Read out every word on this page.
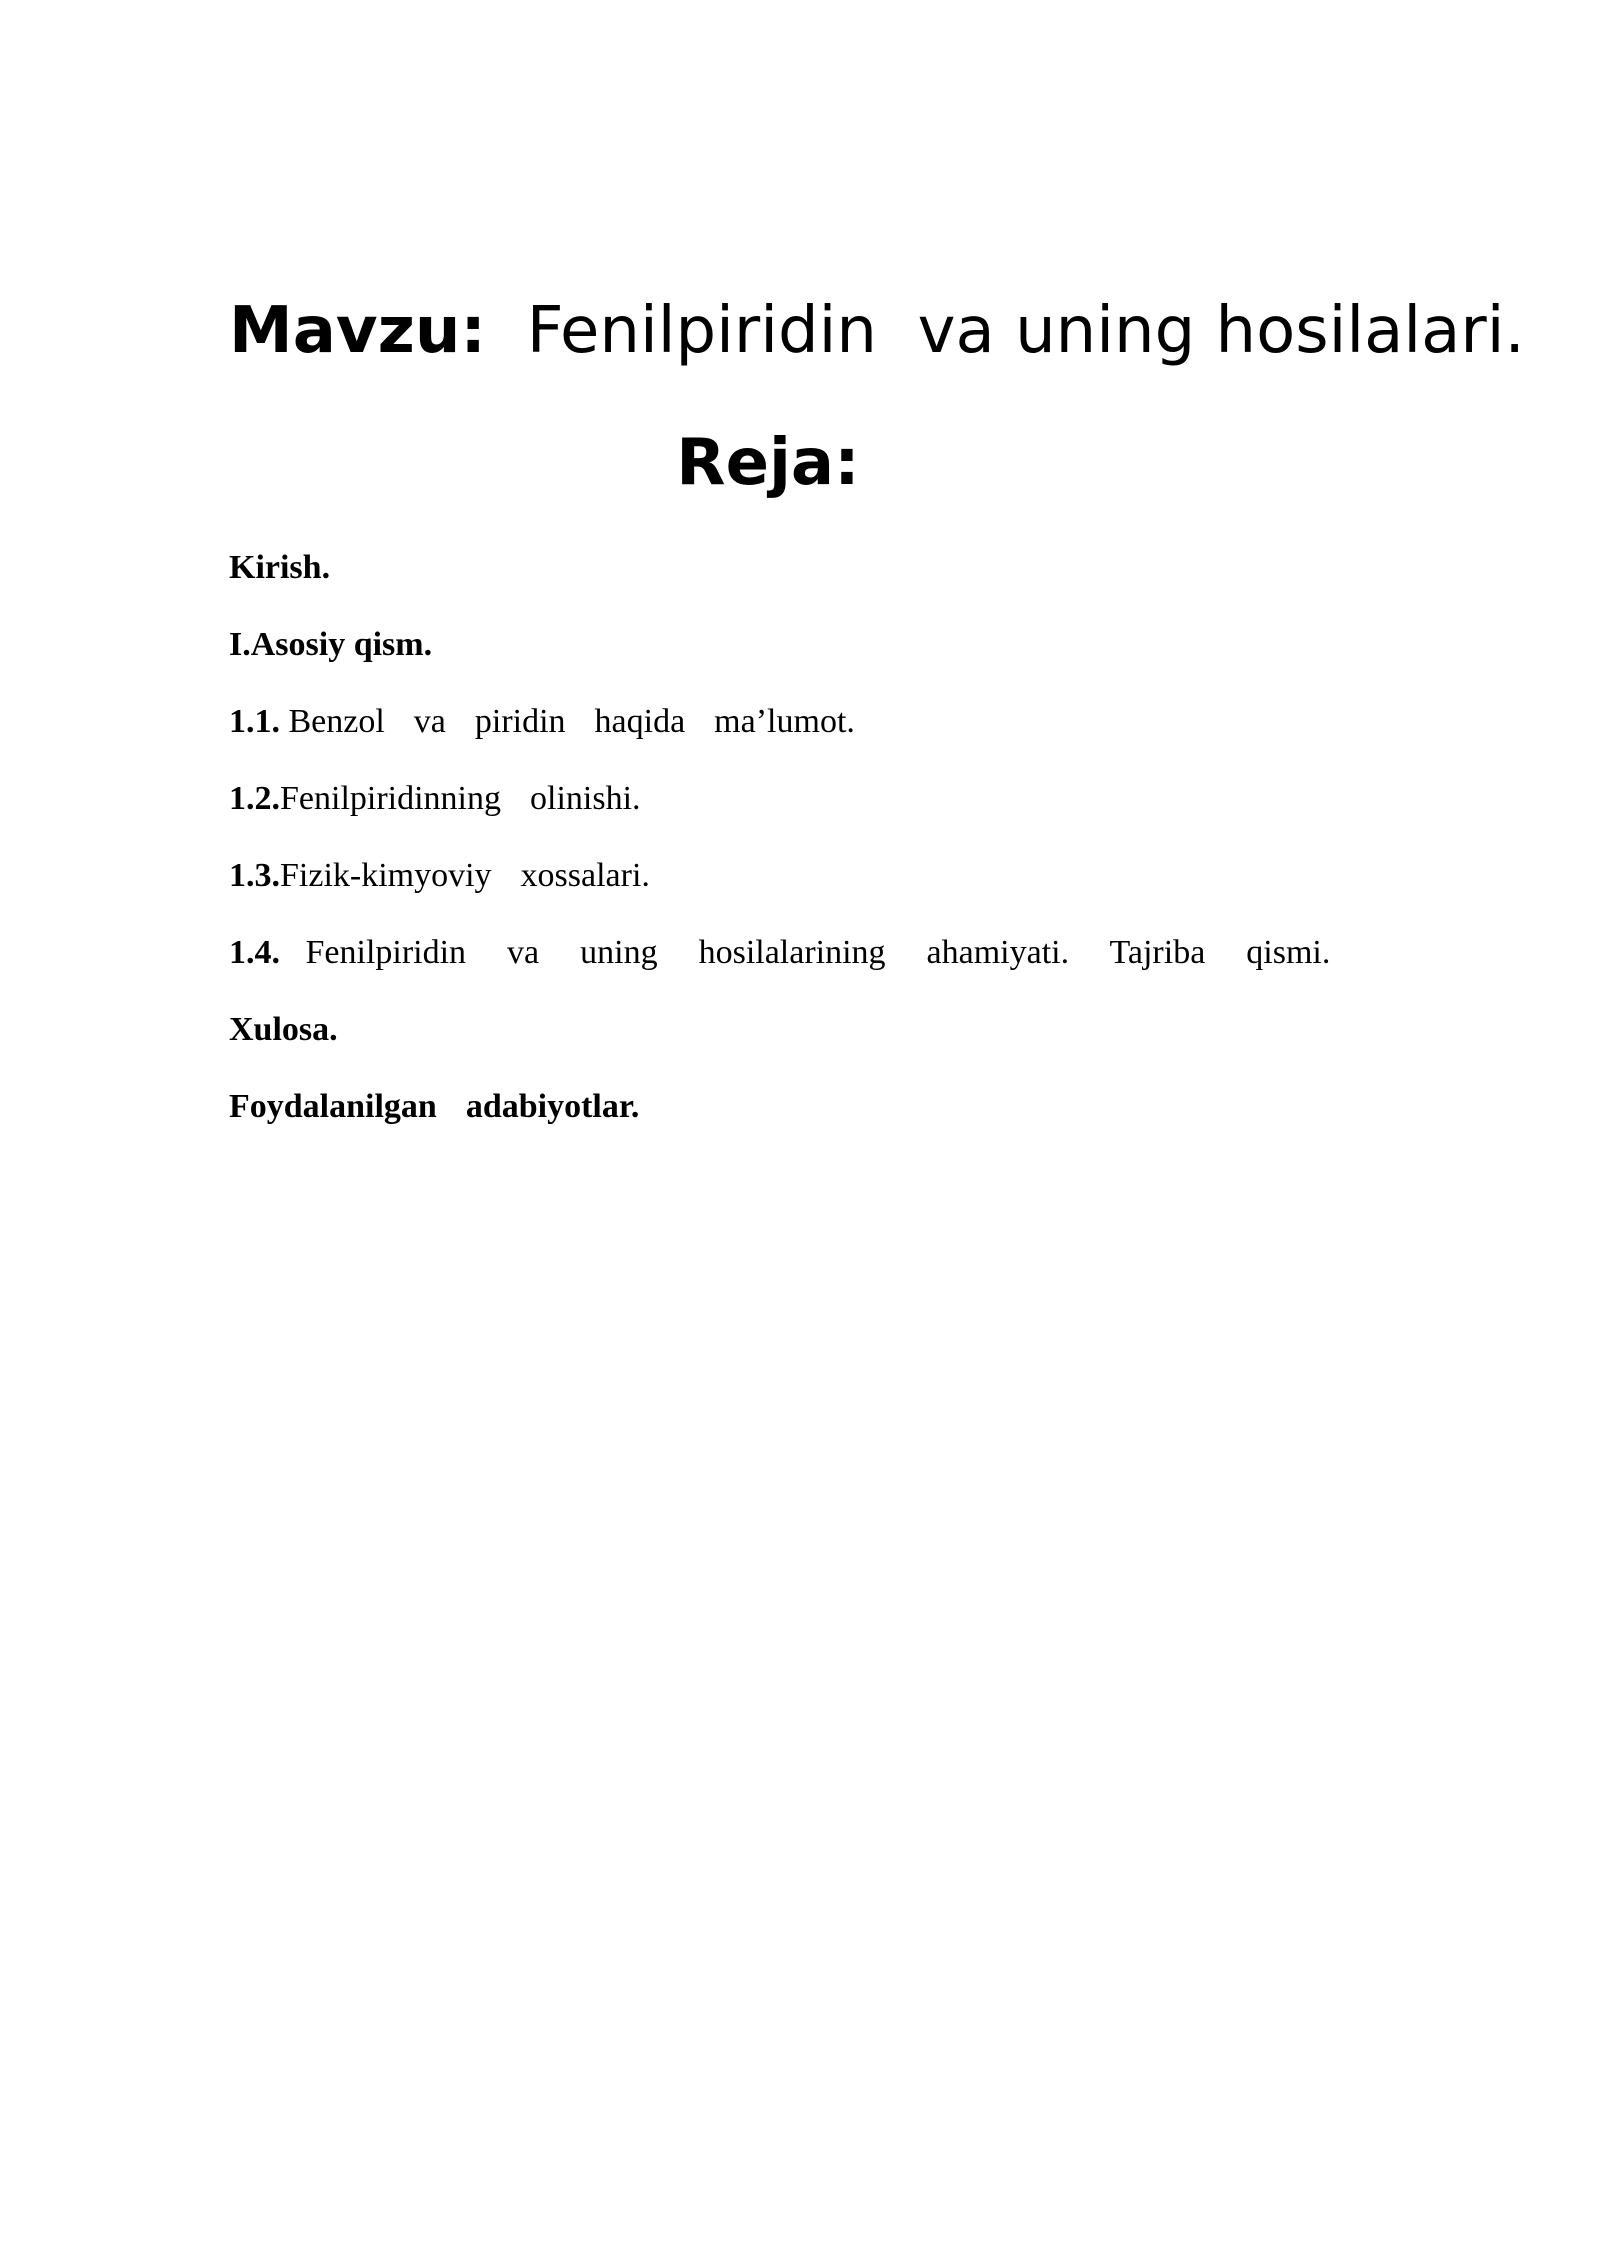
Mavzu: Fenilpiridin  va uning hosilalari.
Reja:
Kirish.
I.Asosiy qism.
1.1. Benzol  va  piridin  haqida  ma’lumot.
1.2.Fenilpiridinning  olinishi.
1.3.Fizik-kimyoviy  xossalari.
1.4. Fenilpiridin  va  uning  hosilalarining  ahamiyati.  Tajriba  qismi.
Xulosa.
Foydalanilgan  adabiyotlar.
